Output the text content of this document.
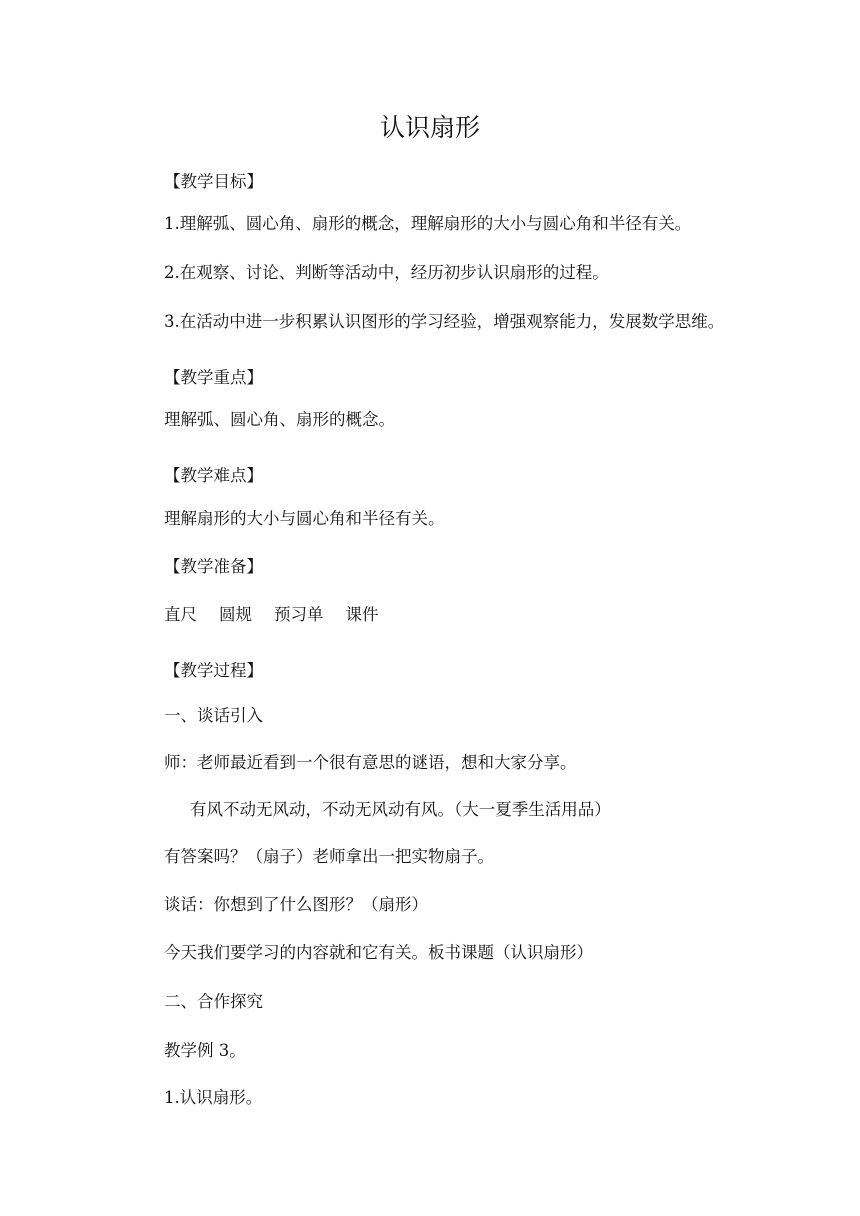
认识扇形

【教学目标】

1.理解弧、圆心角、扇形的概念，理解扇形的大小与圆心角和半径有关。

2.在观察、讨论、判断等活动中，经历初步认识扇形的过程。

3.在活动中进一步积累认识图形的学习经验，增强观察能力，发展数学思维。

【教学重点】

理解弧、圆心角、扇形的概念。

【教学难点】

理解扇形的大小与圆心角和半径有关。

【教学准备】

直尺 圆规 预习单 课件

【教学过程】

一、谈话引入

师：老师最近看到一个很有意思的谜语，想和大家分享。

有风不动无风动，不动无风动有风。（大一夏季生活用品）

有答案吗？（扇子）老师拿出一把实物扇子。

谈话：你想到了什么图形？（扇形）

今天我们要学习的内容就和它有关。板书课题（认识扇形）

二、合作探究

教学例 3。

1.认识扇形。
